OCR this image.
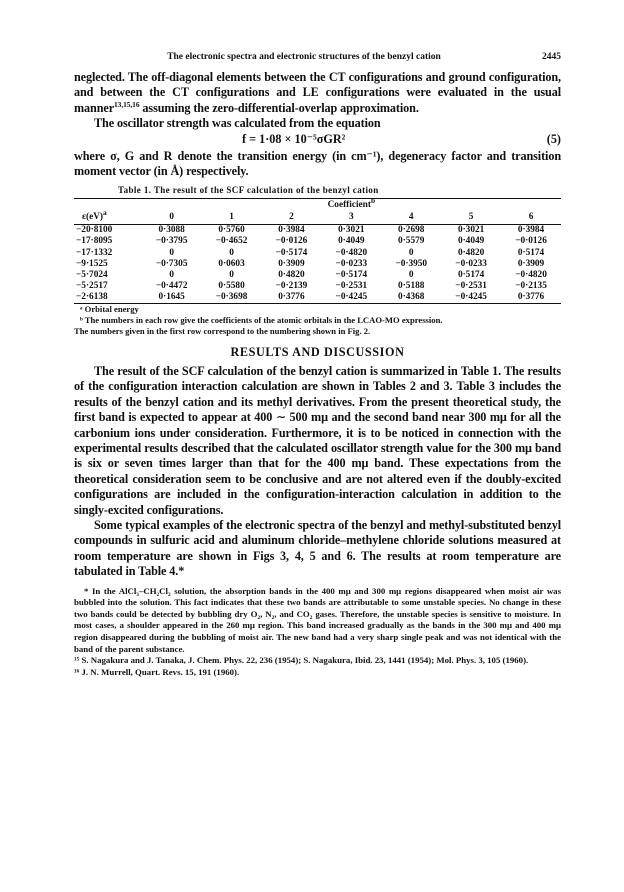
The electronic spectra and electronic structures of the benzyl cation	2445

neglected. The off-diagonal elements between the CT configurations and ground configuration, and between the CT configurations and LE configurations were evaluated in the usual manner$^{13,15,16}$ assuming the zero-differential-overlap approximation.

The oscillator strength was calculated from the equation

f = 1·08 × 10⁻⁵σGR²	(5)

where σ, G and R denote the transition energy (in cm⁻¹), degeneracy factor and transition moment vector (in Å) respectively.

Table 1. The result of the SCF calculation of the benzyl cation
	Coefficient$^b$
ε(eV)$^a$	0	1	2	3	4	5	6
−20·8100	0·3088	0·5760	0·3984	0·3021	0·2698	0·3021	0·3984
−17·8095	−0·3795	−0·4652	−0·0126	0·4049	0·5579	0·4049	−0·0126
−17·1332	0	0	−0·5174	−0·4820	0	0·4820	0·5174
−9·1525	−0·7305	0·0603	0·3909	−0·0233	−0·3950	−0·0233	0·3909
−5·7024	0	0	0·4820	−0·5174	0	0·5174	−0·4820
−5·2517	−0·4472	0·5580	−0·2139	−0·2531	0·5188	−0·2531	−0·2135
−2·6138	0·1645	−0·3698	0·3776	−0·4245	0·4368	−0·4245	0·3776

ᵃ Orbital energy

ᵇ The numbers in each row give the coefficients of the atomic orbitals in the LCAO-MO expression.

The numbers given in the first row correspond to the numbering shown in Fig. 2.

RESULTS AND DISCUSSION

The result of the SCF calculation of the benzyl cation is summarized in Table 1. The results of the configuration interaction calculation are shown in Tables 2 and 3. Table 3 includes the results of the benzyl cation and its methyl derivatives. From the present theoretical study, the first band is expected to appear at 400 ∼ 500 mμ and the second band near 300 mμ for all the carbonium ions under consideration. Furthermore, it is to be noticed in connection with the experimental results described that the calculated oscillator strength value for the 300 mμ band is six or seven times larger than that for the 400 mμ band. These expectations from the theoretical consideration seem to be conclusive and are not altered even if the doubly-excited configurations are included in the configuration-interaction calculation in addition to the singly-excited configurations.

Some typical examples of the electronic spectra of the benzyl and methyl-substituted benzyl compounds in sulfuric acid and aluminum chloride–methylene chloride solutions measured at room temperature are shown in Figs 3, 4, 5 and 6. The results at room temperature are tabulated in Table 4.*

* In the AlCl₃–CH₂Cl₂ solution, the absorption bands in the 400 mμ and 300 mμ regions disappeared when moist air was bubbled into the solution. This fact indicates that these two bands are attributable to some unstable species. No change in these two bands could be detected by bubbling dry O₂, N₂, and CO₂ gases. Therefore, the unstable species is sensitive to moisture. In most cases, a shoulder appeared in the 260 mμ region. This band increased gradually as the bands in the 300 mμ and 400 mμ region disappeared during the bubbling of moist air. The new band had a very sharp single peak and was not identical with the band of the parent substance.

¹⁵ S. Nagakura and J. Tanaka, J. Chem. Phys. 22, 236 (1954); S. Nagakura, Ibid. 23, 1441 (1954); Mol. Phys. 3, 105 (1960).

¹⁶ J. N. Murrell, Quart. Revs. 15, 191 (1960).
